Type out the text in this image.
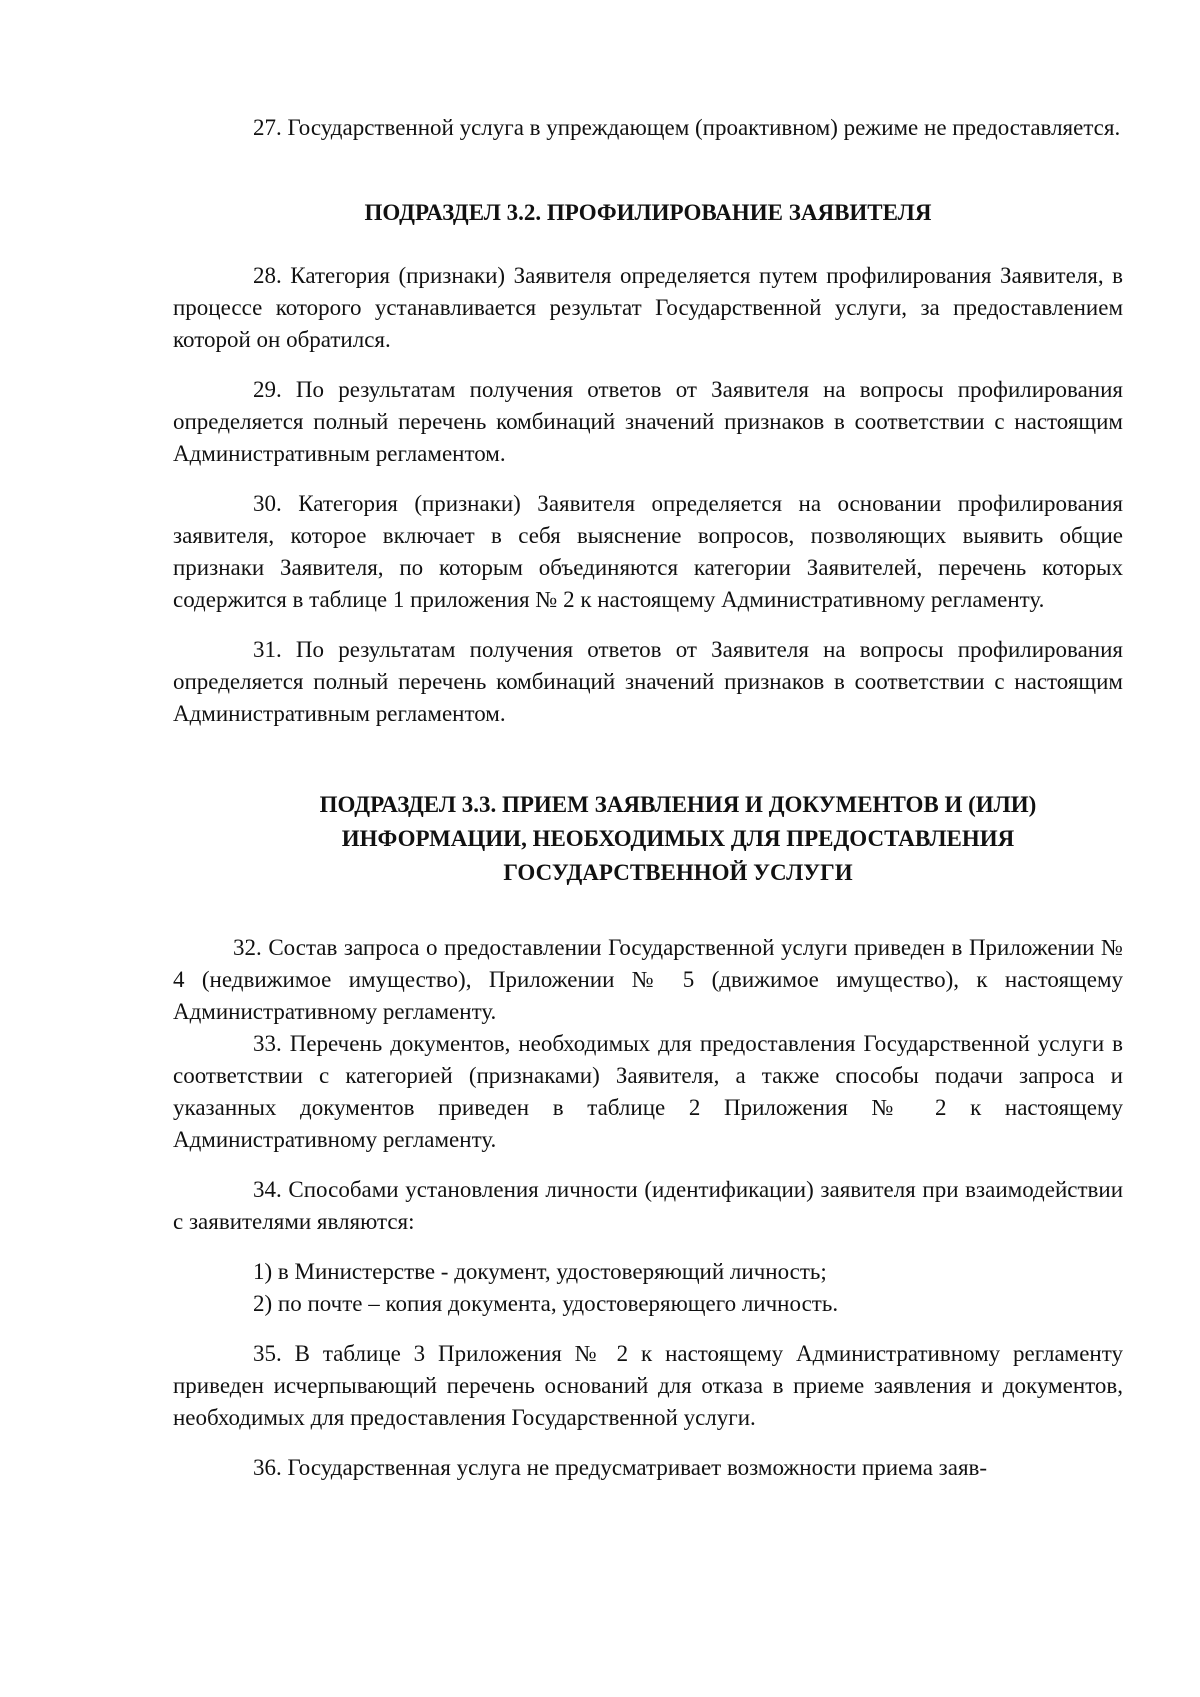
27. Государственной услуга в упреждающем (проактивном) режиме не предоставляется.

ПОДРАЗДЕЛ 3.2. ПРОФИЛИРОВАНИЕ ЗАЯВИТЕЛЯ

28. Категория (признаки) Заявителя определяется путем профилирования Заявителя, в процессе которого устанавливается результат Государственной услуги, за предоставлением которой он обратился.

29. По результатам получения ответов от Заявителя на вопросы профилирования определяется полный перечень комбинаций значений признаков в соответствии с настоящим Административным регламентом.

30. Категория (признаки) Заявителя определяется на основании профилирования заявителя, которое включает в себя выяснение вопросов, позволяющих выявить общие признаки Заявителя, по которым объединяются категории Заявителей, перечень которых содержится в таблице 1 приложения № 2 к настоящему Административному регламенту.

31. По результатам получения ответов от Заявителя на вопросы профилирования определяется полный перечень комбинаций значений признаков в соответствии с настоящим Административным регламентом.

ПОДРАЗДЕЛ 3.3. ПРИЕМ ЗАЯВЛЕНИЯ И ДОКУМЕНТОВ И (ИЛИ) ИНФОРМАЦИИ, НЕОБХОДИМЫХ ДЛЯ ПРЕДОСТАВЛЕНИЯ ГОСУДАРСТВЕННОЙ УСЛУГИ

32. Состав запроса о предоставлении Государственной услуги приведен в Приложении № 4 (недвижимое имущество), Приложении № 5 (движимое имущество), к настоящему Административному регламенту.

33. Перечень документов, необходимых для предоставления Государственной услуги в соответствии с категорией (признаками) Заявителя, а также способы подачи запроса и указанных документов приведен в таблице 2 Приложения № 2 к настоящему Административному регламенту.

34. Способами установления личности (идентификации) заявителя при взаимодействии с заявителями являются:

1) в Министерстве - документ, удостоверяющий личность;

2) по почте – копия документа, удостоверяющего личность.

35. В таблице 3 Приложения № 2 к настоящему Административному регламенту приведен исчерпывающий перечень оснований для отказа в приеме заявления и документов, необходимых для предоставления Государственной услуги.

36. Государственная услуга не предусматривает возможности приема заяв-
